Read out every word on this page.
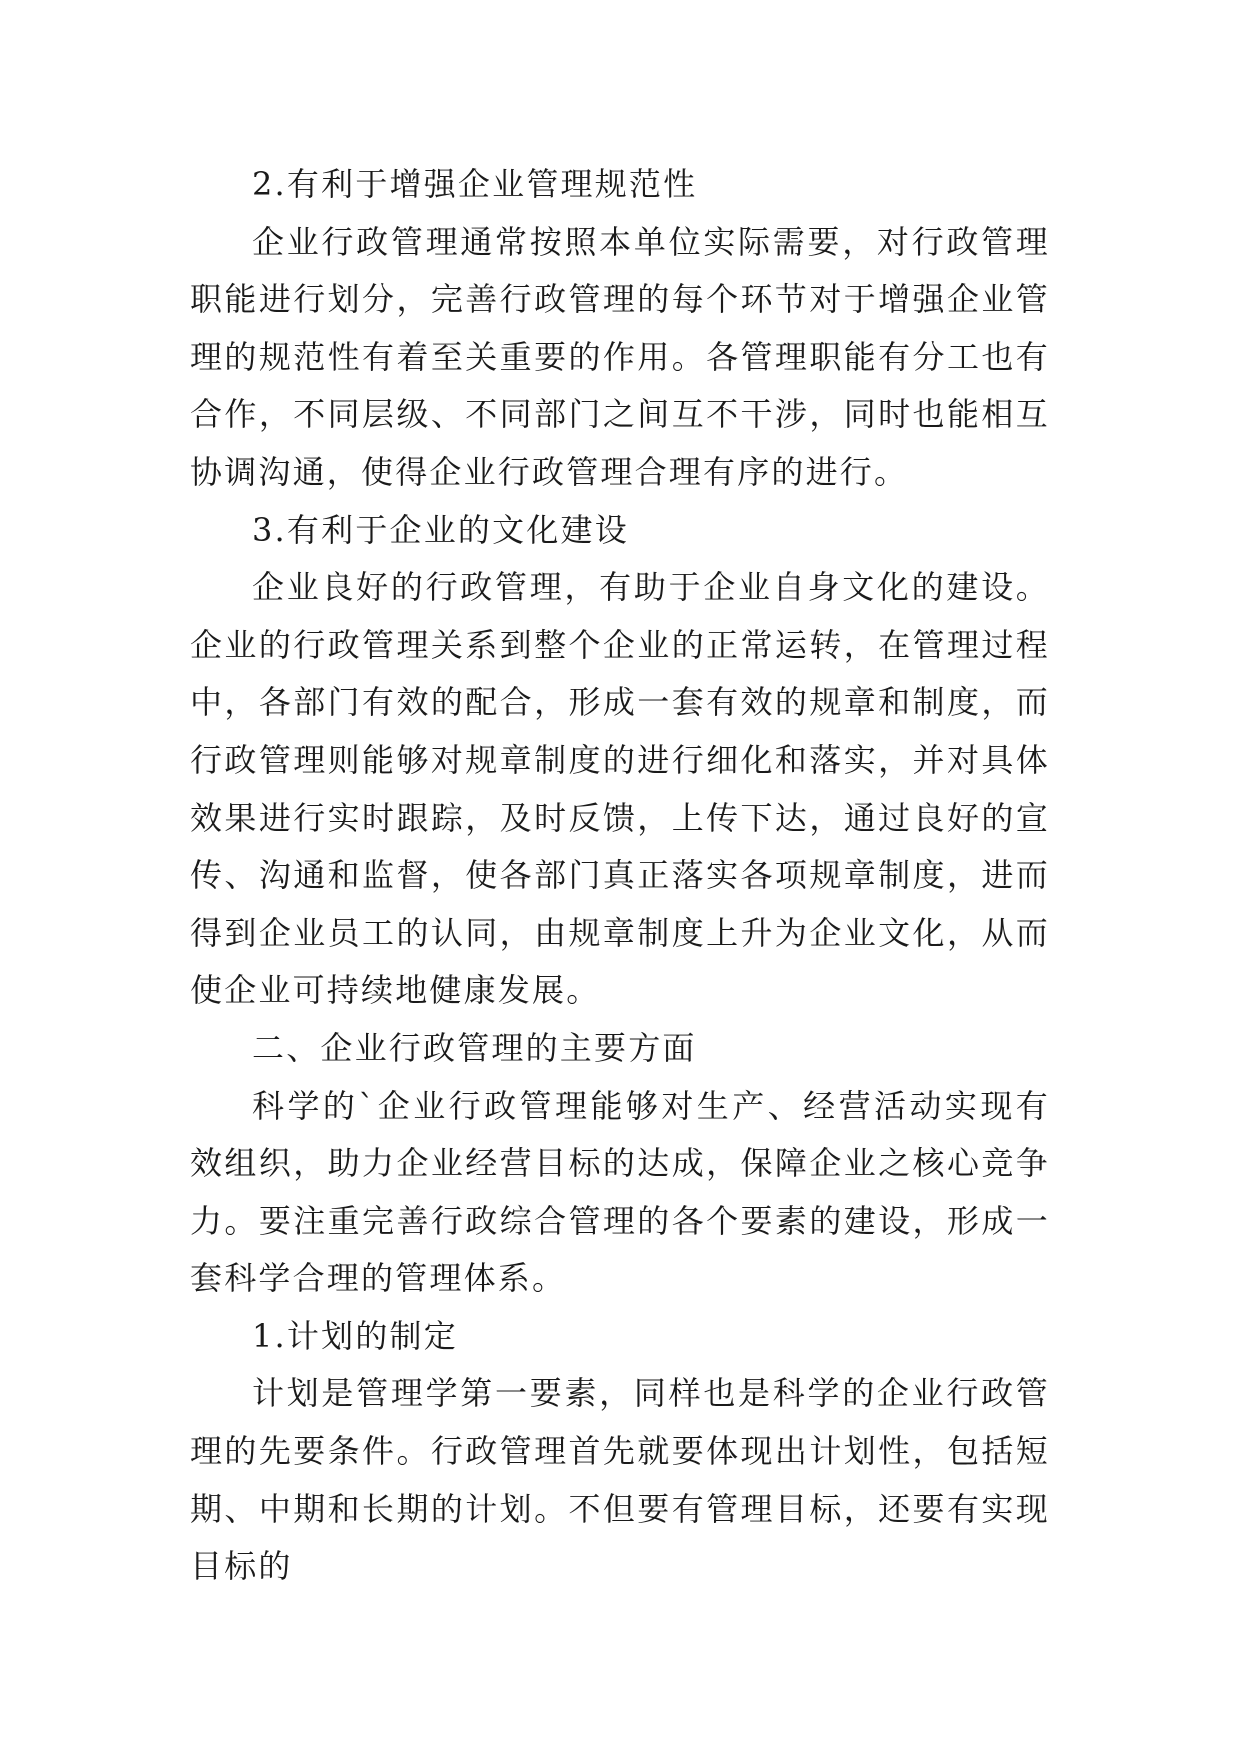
2.有利于增强企业管理规范性

企业行政管理通常按照本单位实际需要，对行政管理职能进行划分，完善行政管理的每个环节对于增强企业管理的规范性有着至关重要的作用。各管理职能有分工也有合作，不同层级、不同部门之间互不干涉，同时也能相互协调沟通，使得企业行政管理合理有序的进行。

3.有利于企业的文化建设

企业良好的行政管理，有助于企业自身文化的建设。企业的行政管理关系到整个企业的正常运转，在管理过程中，各部门有效的配合，形成一套有效的规章和制度，而行政管理则能够对规章制度的进行细化和落实，并对具体效果进行实时跟踪，及时反馈，上传下达，通过良好的宣传、沟通和监督，使各部门真正落实各项规章制度，进而得到企业员工的认同，由规章制度上升为企业文化，从而使企业可持续地健康发展。

二、企业行政管理的主要方面

科学的`企业行政管理能够对生产、经营活动实现有效组织，助力企业经营目标的达成，保障企业之核心竞争力。要注重完善行政综合管理的各个要素的建设，形成一套科学合理的管理体系。

1.计划的制定

计划是管理学第一要素，同样也是科学的企业行政管理的先要条件。行政管理首先就要体现出计划性，包括短期、中期和长期的计划。不但要有管理目标，还要有实现目标的
